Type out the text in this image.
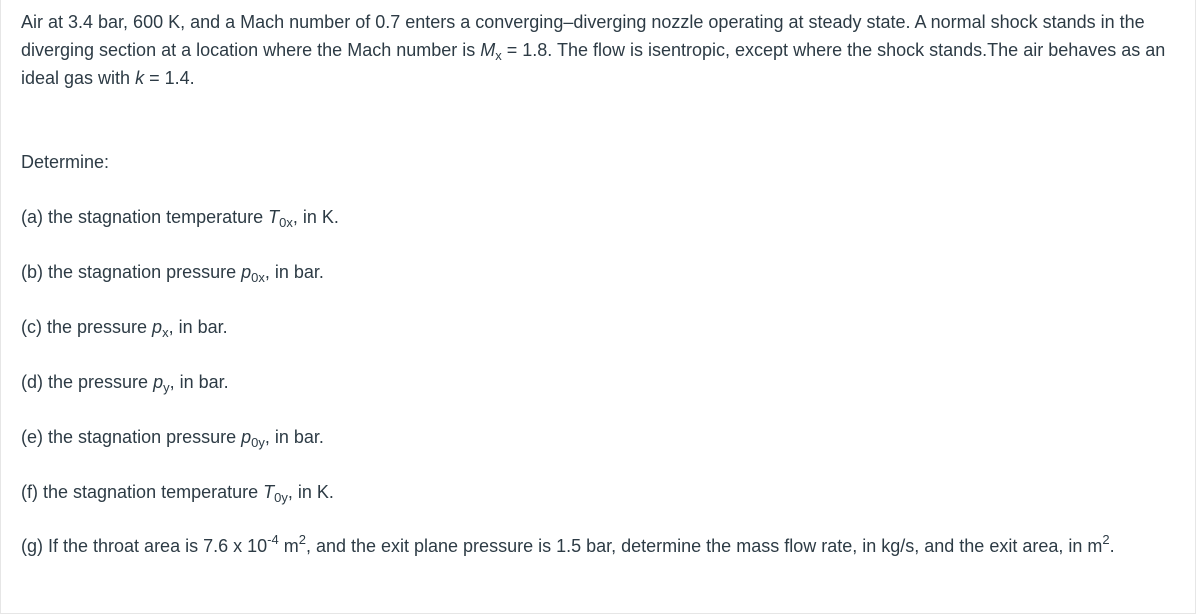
Air at 3.4 bar, 600 K, and a Mach number of 0.7 enters a converging–diverging nozzle operating at steady state. A normal shock stands in the diverging section at a location where the Mach number is $M_x = 1.8$. The flow is isentropic, except where the shock stands.The air behaves as an ideal gas with k = 1.4.

Determine:

(a) the stagnation temperature $T_{0x}$, in K.

(b) the stagnation pressure $p_{0x}$, in bar.

(c) the pressure $p_x$, in bar.

(d) the pressure $p_y$, in bar.

(e) the stagnation pressure $p_{0y}$, in bar.

(f) the stagnation temperature $T_{0y}$, in K.

(g) If the throat area is 7.6 x $10^{-4}$ $m^2$, and the exit plane pressure is 1.5 bar, determine the mass flow rate, in kg/s, and the exit area, in $m^2$.
